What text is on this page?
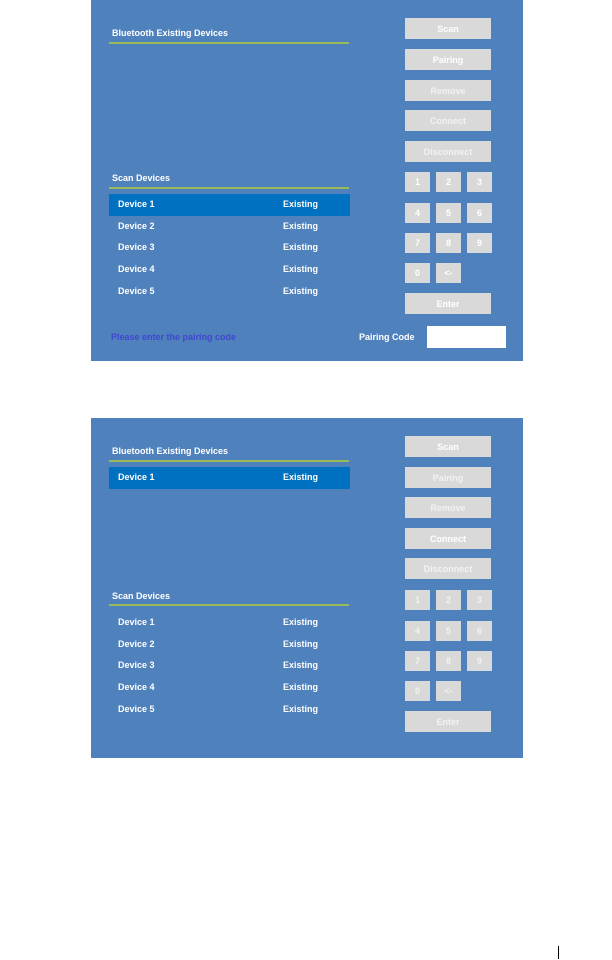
Bluetooth Existing Devices
Scan Devices
Device 1	Existing
Device 2	Existing
Device 3	Existing
Device 4	Existing
Device 5	Existing
Scan
Pairing
Remove
Connect
Disconnect
Enter
Please enter the pairing code	Pairing Code
1	2	3
4	5	6
7	8	9
0	<-
Bluetooth Existing Devices
Device 1	Existing
Scan Devices
Device 1	Existing
Device 2	Existing
Device 3	Existing
Device 4	Existing
Device 5	Existing
Scan
Pairing
Remove
Connect
Disconnect
Enter
1	2	3
4	5	6
7	8	9
0	<-
